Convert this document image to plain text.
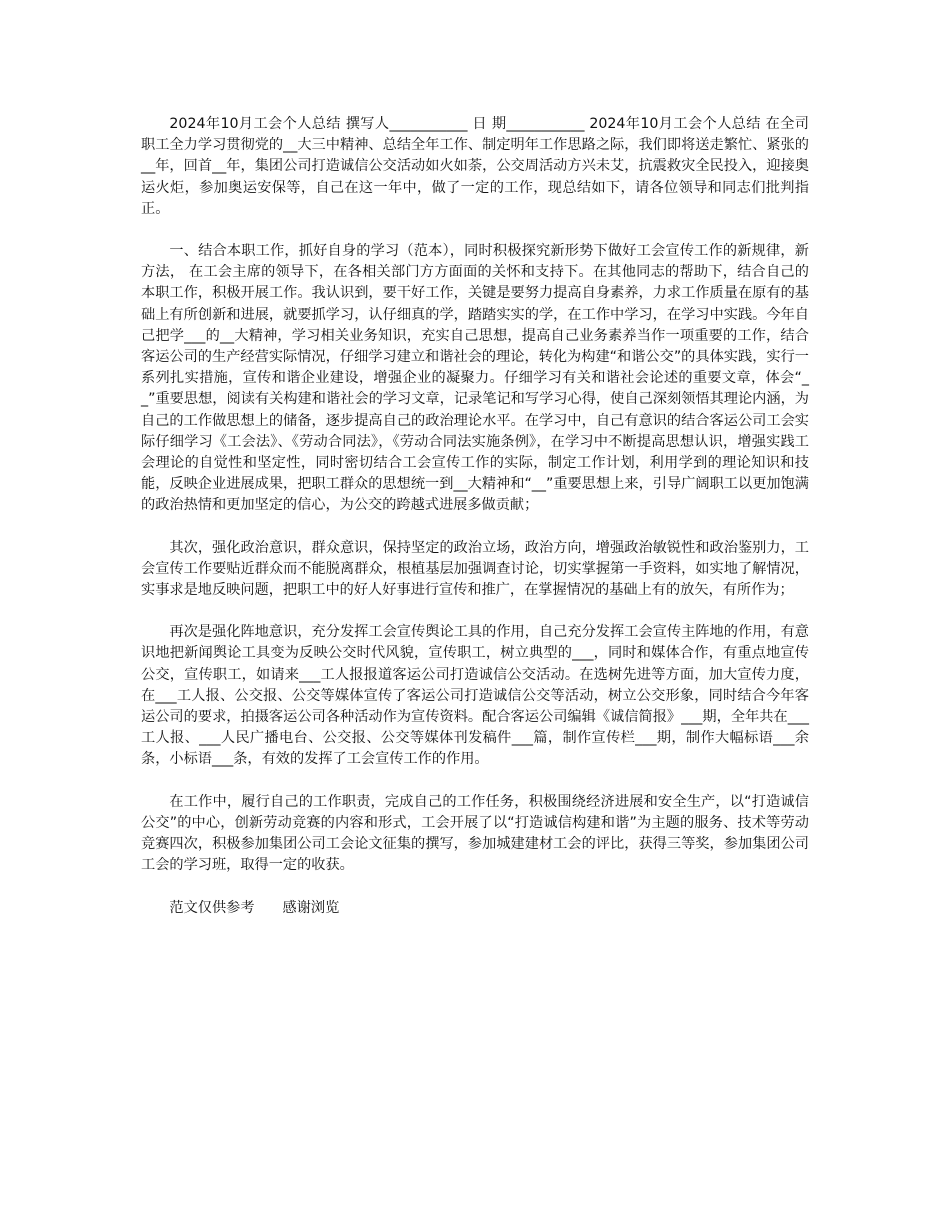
2024年10月工会个人总结 撰写人___________ 日 期___________ 2024年10月工会个人总结 在全司职工全力学习贯彻党的__大三中精神、总结全年工作、制定明年工作思路之际，我们即将送走繁忙、紧张的__年，回首__年，集团公司打造诚信公交活动如火如荼，公交周活动方兴未艾，抗震救灾全民投入，迎接奥运火炬，参加奥运安保等，自己在这一年中，做了一定的工作，现总结如下，请各位领导和同志们批判指正。

一、结合本职工作，抓好自身的学习（范本），同时积极探究新形势下做好工会宣传工作的新规律，新方法， 在工会主席的领导下，在各相关部门方方面面的关怀和支持下。在其他同志的帮助下，结合自己的本职工作，积极开展工作。我认识到，要干好工作，关键是要努力提高自身素养，力求工作质量在原有的基础上有所创新和进展，就要抓学习，认仔细真的学，踏踏实实的学，在工作中学习，在学习中实践。今年自己把学___的__大精神，学习相关业务知识，充实自己思想，提高自己业务素养当作一项重要的工作，结合客运公司的生产经营实际情况，仔细学习建立和谐社会的理论，转化为构建“和谐公交”的具体实践，实行一系列扎实措施，宣传和谐企业建设，增强企业的凝聚力。仔细学习有关和谐社会论述的重要文章，体会“__”重要思想，阅读有关构建和谐社会的学习文章，记录笔记和写学习心得，使自己深刻领悟其理论内涵，为自己的工作做思想上的储备，逐步提高自己的政治理论水平。在学习中，自己有意识的结合客运公司工会实际仔细学习《工会法》、《劳动合同法》，《劳动合同法实施条例》，在学习中不断提高思想认识，增强实践工会理论的自觉性和坚定性，同时密切结合工会宣传工作的实际，制定工作计划，利用学到的理论知识和技能，反映企业进展成果，把职工群众的思想统一到__大精神和“__”重要思想上来，引导广阔职工以更加饱满的政治热情和更加坚定的信心，为公交的跨越式进展多做贡献；

其次，强化政治意识，群众意识，保持坚定的政治立场，政治方向，增强政治敏锐性和政治鉴别力，工会宣传工作要贴近群众而不能脱离群众，根植基层加强调查讨论，切实掌握第一手资料，如实地了解情况，实事求是地反映问题，把职工中的好人好事进行宣传和推广，在掌握情况的基础上有的放矢，有所作为；

再次是强化阵地意识，充分发挥工会宣传舆论工具的作用，自己充分发挥工会宣传主阵地的作用，有意识地把新闻舆论工具变为反映公交时代风貌，宣传职工，树立典型的___，同时和媒体合作，有重点地宣传公交，宣传职工，如请来___工人报报道客运公司打造诚信公交活动。在选树先进等方面，加大宣传力度，在___工人报、公交报、公交等媒体宣传了客运公司打造诚信公交等活动，树立公交形象，同时结合今年客运公司的要求，拍摄客运公司各种活动作为宣传资料。配合客运公司编辑《诚信简报》___期，全年共在___工人报、___人民广播电台、公交报、公交等媒体刊发稿件___篇，制作宣传栏___期，制作大幅标语___余条，小标语___条，有效的发挥了工会宣传工作的作用。

在工作中，履行自己的工作职责，完成自己的工作任务，积极围绕经济进展和安全生产，以“打造诚信公交”的中心，创新劳动竞赛的内容和形式，工会开展了以“打造诚信构建和谐”为主题的服务、技术等劳动竞赛四次，积极参加集团公司工会论文征集的撰写，参加城建建材工会的评比，获得三等奖，参加集团公司工会的学习班，取得一定的收获。

范文仅供参考 感谢浏览
